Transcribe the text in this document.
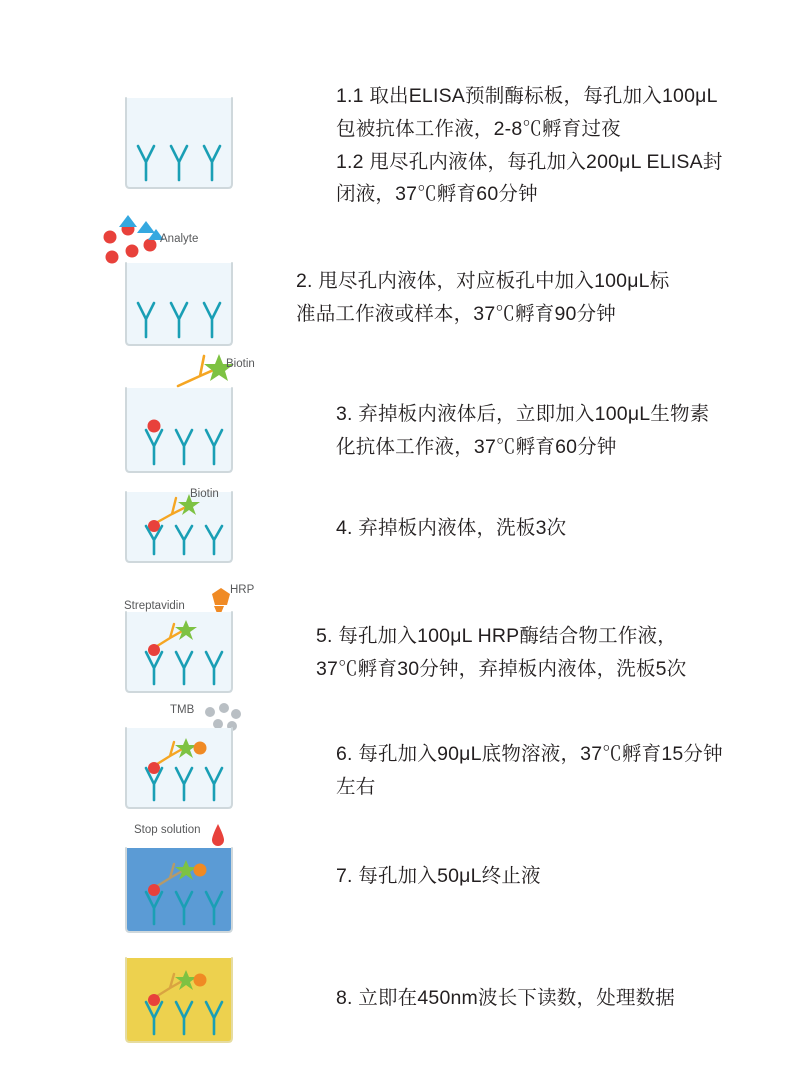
1.1 取出ELISA预制酶标板，每孔加入100μL

包被抗体工作液，2-8℃孵育过夜

1.2 甩尽孔内液体，每孔加入200μL ELISA封

闭液，37℃孵育60分钟

Analyte

2. 甩尽孔内液体，对应板孔中加入100μL标

准品工作液或样本，37℃孵育90分钟

Biotin

3. 弃掉板内液体后，立即加入100μL生物素

化抗体工作液，37℃孵育60分钟

Biotin

4. 弃掉板内液体，洗板3次

Streptavidin
HRP

5. 每孔加入100μL HRP酶结合物工作液，

37℃孵育30分钟，弃掉板内液体，洗板5次

TMB

6. 每孔加入90μL底物溶液，37℃孵育15分钟

左右

Stop solution

7. 每孔加入50μL终止液

8. 立即在450nm波长下读数，处理数据
